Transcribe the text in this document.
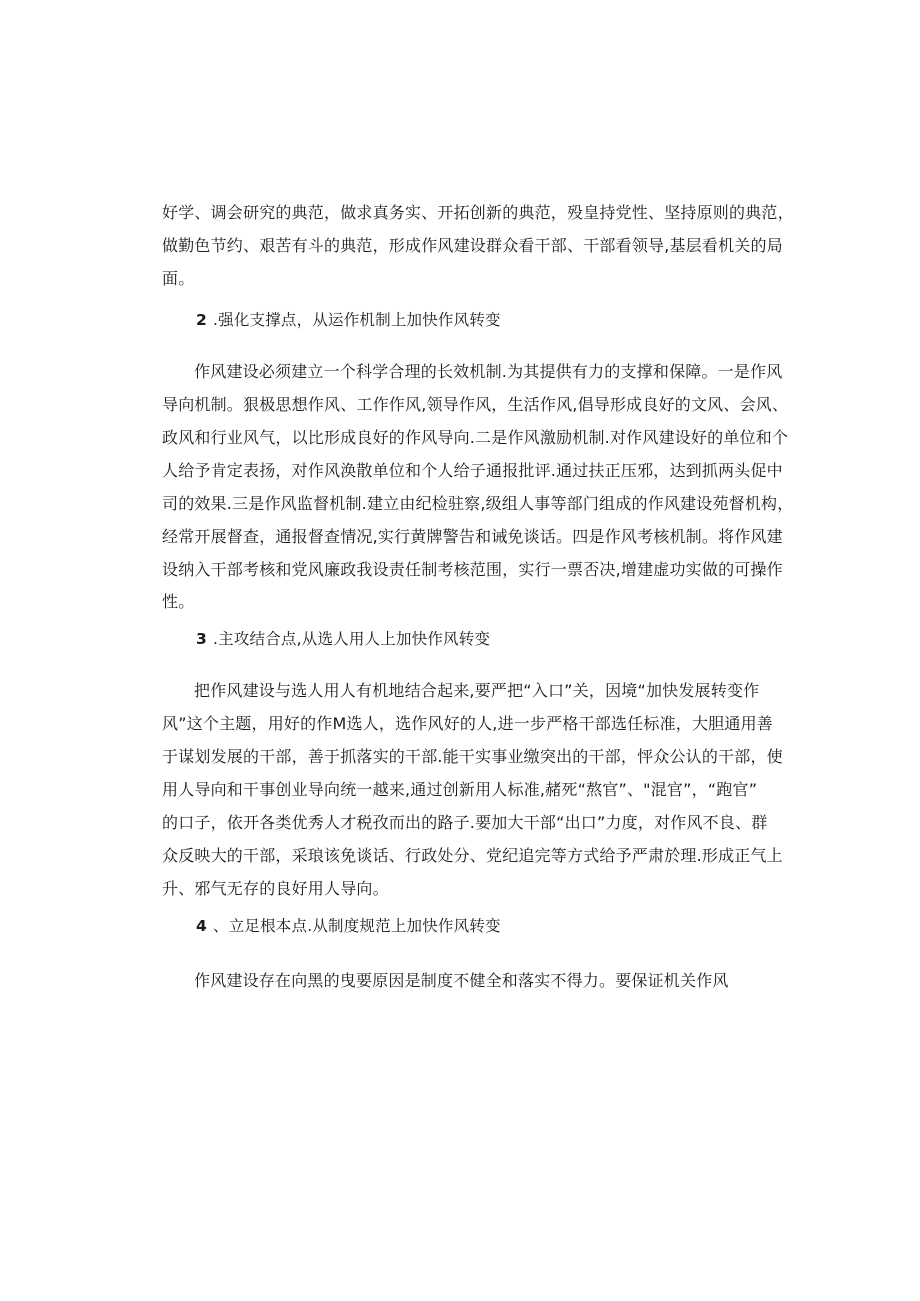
好学、调会研究的典范，做求真务实、开拓创新的典范，殁皇持党性、坚持原则的典范，
做勤色节约、艰苦有斗的典范，形成作风建设群众看干部、干部看领导,基层看机关的局
面。
2 .强化支撑点，从运作机制上加快作风转变
作风建设必须建立一个科学合理的长效机制.为其提供有力的支撑和保障。一是作风
导向机制。狠极思想作风、工作作风,领导作风，生活作风,倡导形成良好的文风、会风、
政风和行业风气，以比形成良好的作风导向.二是作风激励机制.对作风建设好的单位和个
人给予肯定表扬，对作风涣散单位和个人给子通报批评.通过扶正压邪，达到抓两头促中
司的效果.三是作风监督机制.建立由纪检驻察,级组人事等部门组成的作风建设苑督机构，
经常开展督查，通报督查情况,实行黄牌警告和诫免谈话。四是作风考核机制。将作风建
设纳入干部考核和党风廉政我设责任制考核范围，实行一票否决,增建虚功实做的可操作
性。
3 .主攻结合点,从选人用人上加快作风转变
把作风建设与选人用人有机地结合起来,要严把“入口”关，因境“加快发展转变作
风”这个主题，用好的作M选人，选作风好的人,进一步严格干部选任标准，大胆通用善
于谋划发展的干部，善于抓落实的干部.能干实事业缴突出的干部，怦众公认的干部，使
用人导向和干事创业导向统一越来,通过创新用人标准,赭死“熬官”、"混官”，“跑官”
的口子，依开各类优秀人才税孜而出的路子.要加大干部“出口”力度，对作风不良、群
众反映大的干部，采琅该免谈话、行政处分、党纪追完等方式给予严肃於理.形成正气上
升、邪气无存的良好用人导向。
4 、立足根本点.从制度规范上加快作风转变
作风建设存在向黑的曳要原因是制度不健全和落实不得力。要保证机关作风
